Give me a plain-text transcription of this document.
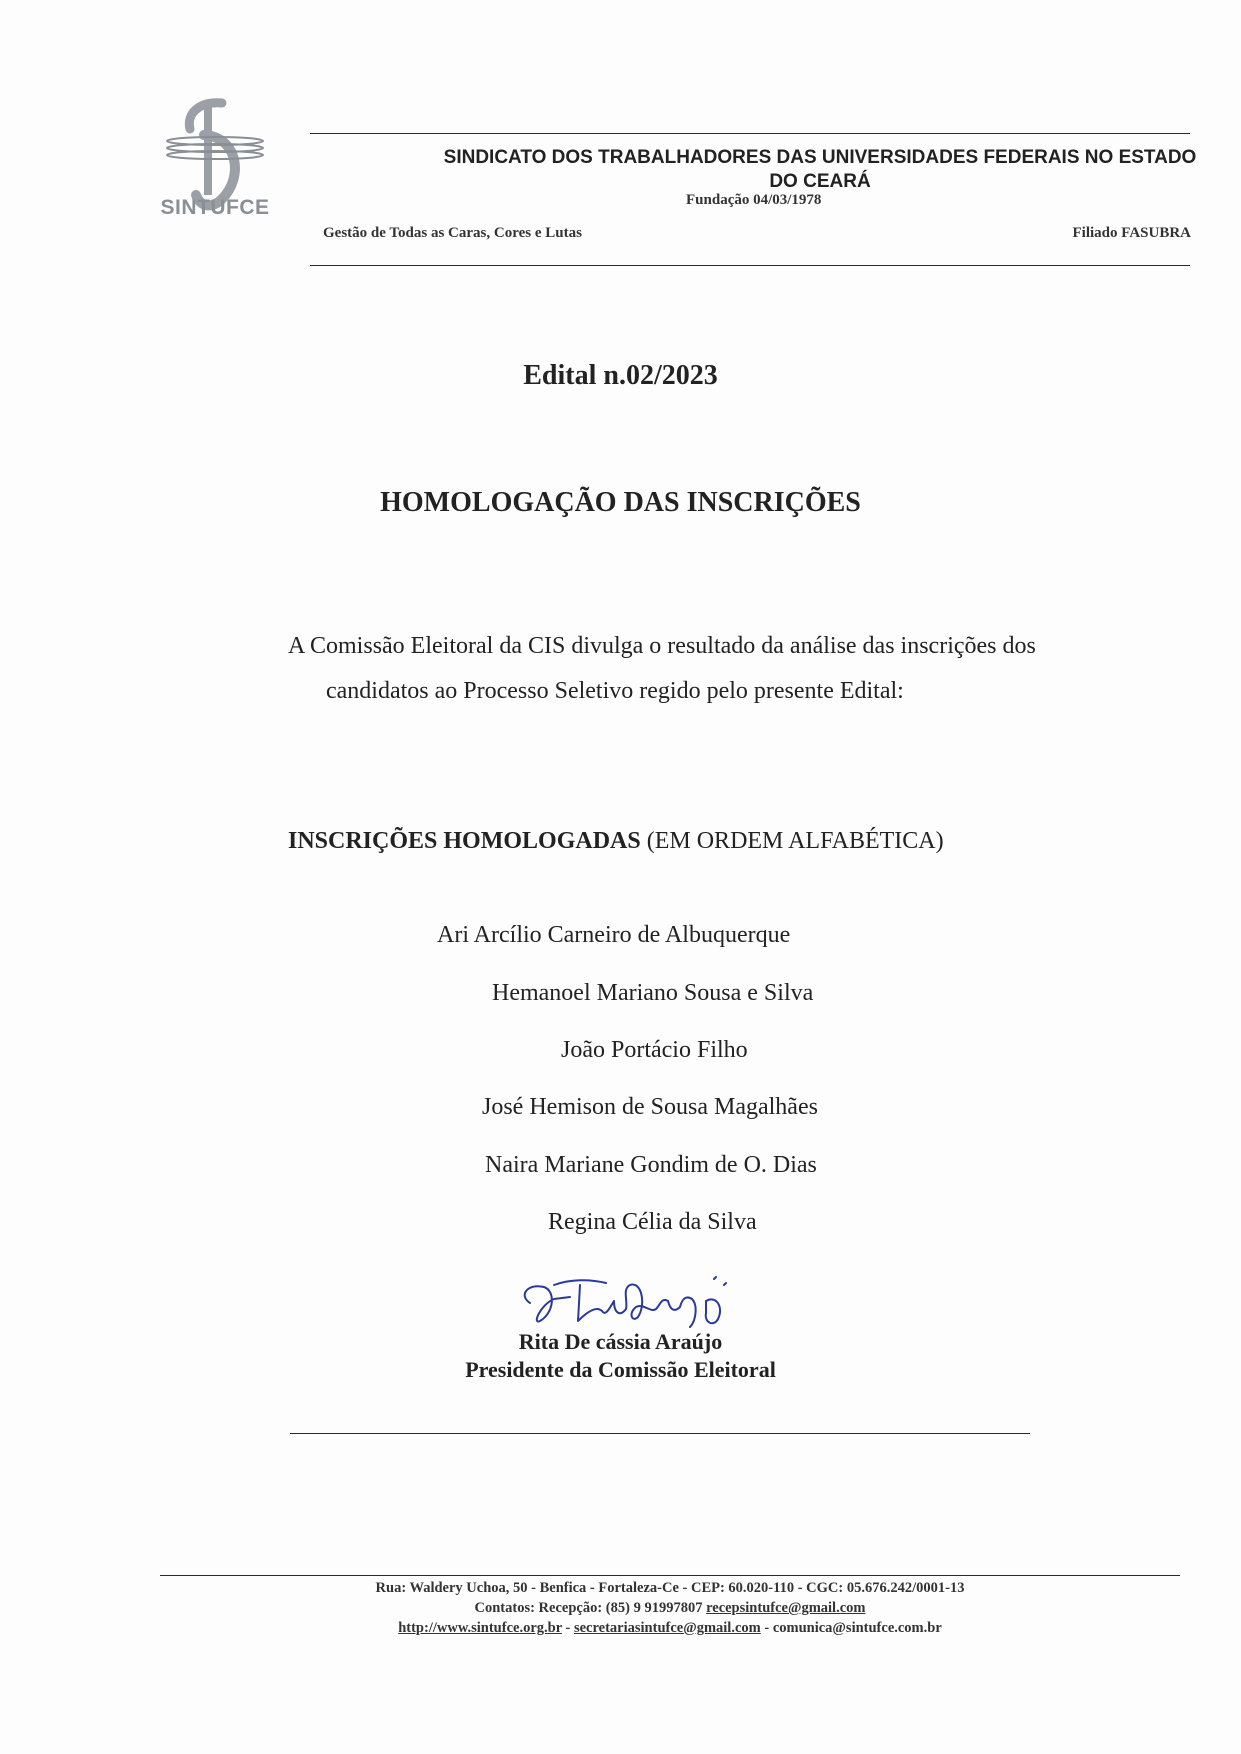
SINTUFCE
SINDICATO DOS TRABALHADORES DAS UNIVERSIDADES FEDERAIS NO ESTADO
DO CEARÁ
Fundação 04/03/1978
Gestão de Todas as Caras, Cores e Lutas	Filiado FASUBRA
Edital n.02/2023
HOMOLOGAÇÃO DAS INSCRIÇÕES
A Comissão Eleitoral da CIS divulga o resultado da análise das inscrições dos
candidatos ao Processo Seletivo regido pelo presente Edital:
INSCRIÇÕES HOMOLOGADAS (EM ORDEM ALFABÉTICA)
Ari Arcílio Carneiro de Albuquerque
Hemanoel Mariano Sousa e Silva
João Portácio Filho
José Hemison de Sousa Magalhães
Naira Mariane Gondim de O. Dias
Regina Célia da Silva
Rita De cássia Araújo
Presidente da Comissão Eleitoral
Rua: Waldery Uchoa, 50 - Benfica - Fortaleza-Ce - CEP: 60.020-110 - CGC: 05.676.242/0001-13
Contatos: Recepção: (85) 9 91997807 recepsintufce@gmail.com
http://www.sintufce.org.br - secretariasintufce@gmail.com - comunica@sintufce.com.br
